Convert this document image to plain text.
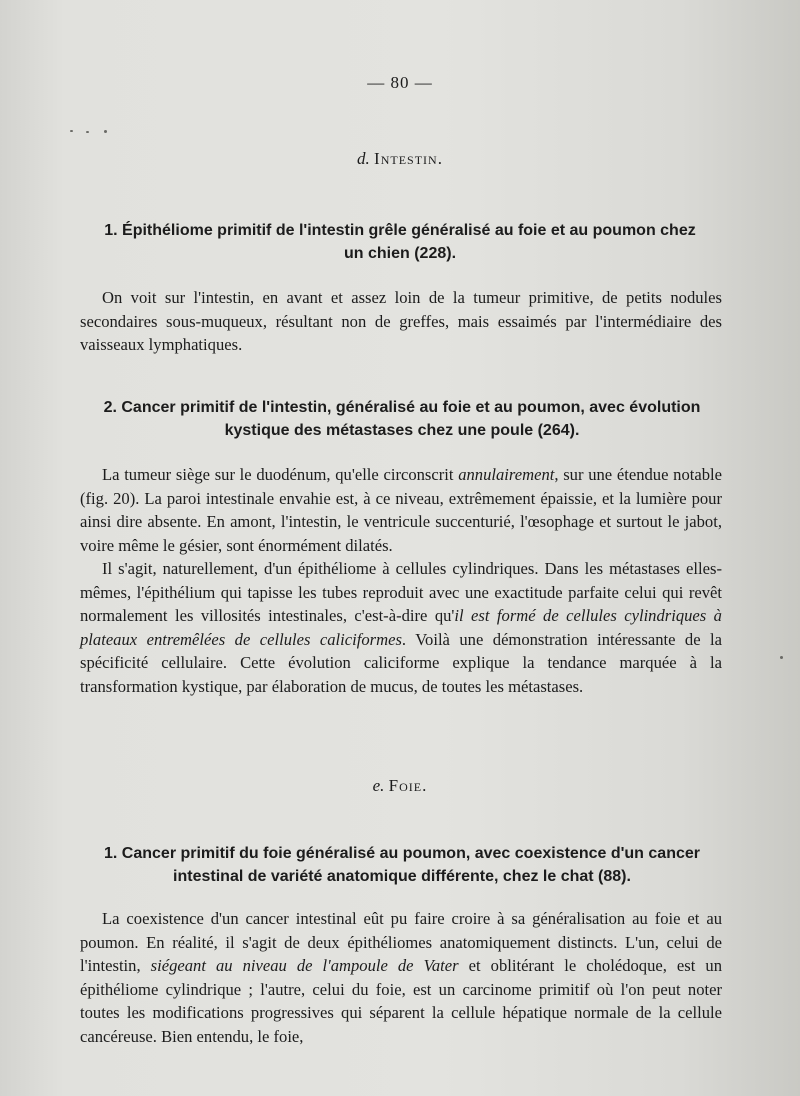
— 80 —
d. Intestin.
1. Épithéliome primitif de l'intestin grêle généralisé au foie et au poumon chez un chien (228).

On voit sur l'intestin, en avant et assez loin de la tumeur primitive, de petits nodules secondaires sous-muqueux, résultant non de greffes, mais essaimés par l'intermédiaire des vaisseaux lymphatiques.

2. Cancer primitif de l'intestin, généralisé au foie et au poumon, avec évolution kystique des métastases chez une poule (264).

La tumeur siège sur le duodénum, qu'elle circonscrit annulairement, sur une étendue notable (fig. 20). La paroi intestinale envahie est, à ce niveau, extrêmement épaissie, et la lumière pour ainsi dire absente. En amont, l'intestin, le ventricule succenturié, l'œsophage et surtout le jabot, voire même le gésier, sont énormément dilatés.

Il s'agit, naturellement, d'un épithéliome à cellules cylindriques. Dans les métastases elles-mêmes, l'épithélium qui tapisse les tubes reproduit avec une exactitude parfaite celui qui revêt normalement les villosités intestinales, c'est-à-dire qu'il est formé de cellules cylindriques à plateaux entremêlées de cellules caliciformes. Voilà une démonstration intéressante de la spécificité cellulaire. Cette évolution caliciforme explique la tendance marquée à la transformation kystique, par élaboration de mucus, de toutes les métastases.

e. Foie.
1. Cancer primitif du foie généralisé au poumon, avec coexistence d'un cancer intestinal de variété anatomique différente, chez le chat (88).

La coexistence d'un cancer intestinal eût pu faire croire à sa généralisation au foie et au poumon. En réalité, il s'agit de deux épithéliomes anatomiquement distincts. L'un, celui de l'intestin, siégeant au niveau de l'ampoule de Vater et oblitérant le cholédoque, est un épithéliome cylindrique ; l'autre, celui du foie, est un carcinome primitif où l'on peut noter toutes les modifications progressives qui séparent la cellule hépatique normale de la cellule cancéreuse. Bien entendu, le foie,
